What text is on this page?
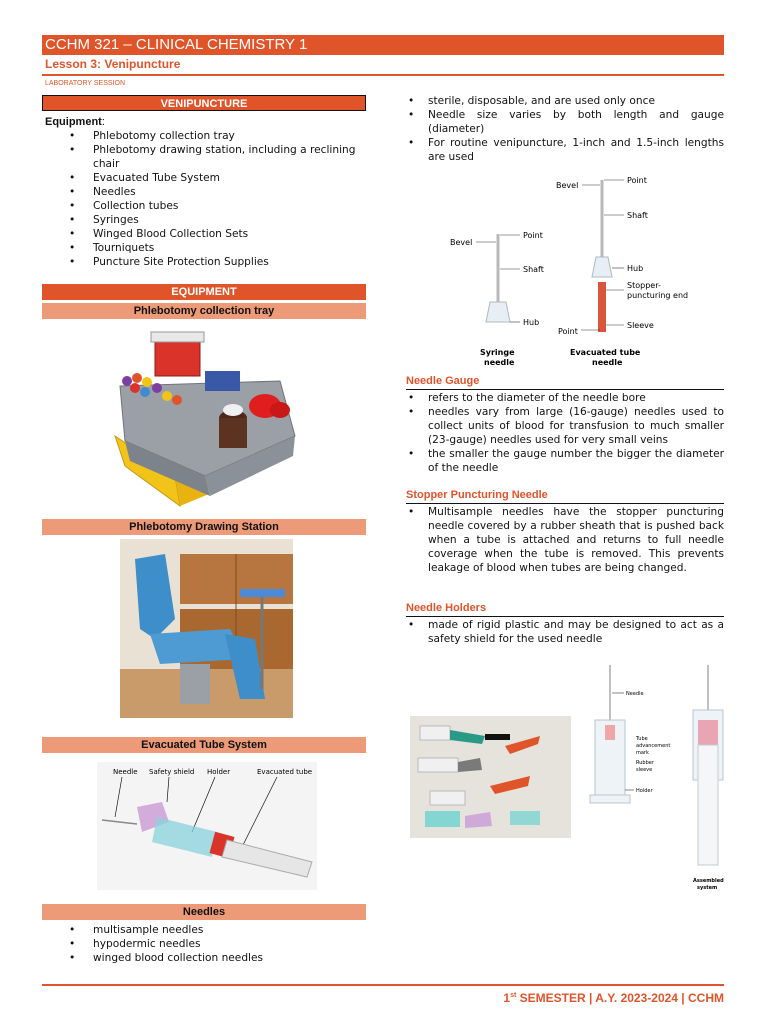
CCHM 321 – CLINICAL CHEMISTRY 1
Lesson 3: Venipuncture
LABORATORY SESSION
VENIPUNCTURE
Equipment:
• Phlebotomy collection tray
• Phlebotomy drawing station, including a reclining chair
• Evacuated Tube System
• Needles
• Collection tubes
• Syringes
• Winged Blood Collection Sets
• Tourniquets
• Puncture Site Protection Supplies
EQUIPMENT
Phlebotomy collection tray
Phlebotomy Drawing Station
Evacuated Tube System
Needle Safety shield Holder	Evacuated tube
Needles
• multisample needles
• hypodermic needles
• winged blood collection needles
• sterile, disposable, and are used only once
• Needle size varies by both length and gauge (diameter)
• For routine venipuncture, 1-inch and 1.5-inch lengths are used
Bevel
Point
Shaft
Hub
Syringe
needle
Bevel
Point
Shaft
Hub
Stopper-
puncturing end
Sleeve
Point
Evacuated tube
needle
Needle Gauge
• refers to the diameter of the needle bore
• needles vary from large (16-gauge) needles used to collect units of blood for transfusion to much smaller (23-gauge) needles used for very small veins
• the smaller the gauge number the bigger the diameter of the needle
Stopper Puncturing Needle
• Multisample needles have the stopper puncturing needle covered by a rubber sheath that is pushed back when a tube is attached and returns to full needle coverage when the tube is removed. This prevents leakage of blood when tubes are being changed.
Needle Holders
• made of rigid plastic and may be designed to act as a safety shield for the used needle
Needle
Tube
advancement
mark
Rubber
sleeve
Holder
Assembled
system
1st SEMESTER | A.Y. 2023-2024 | CCHM
